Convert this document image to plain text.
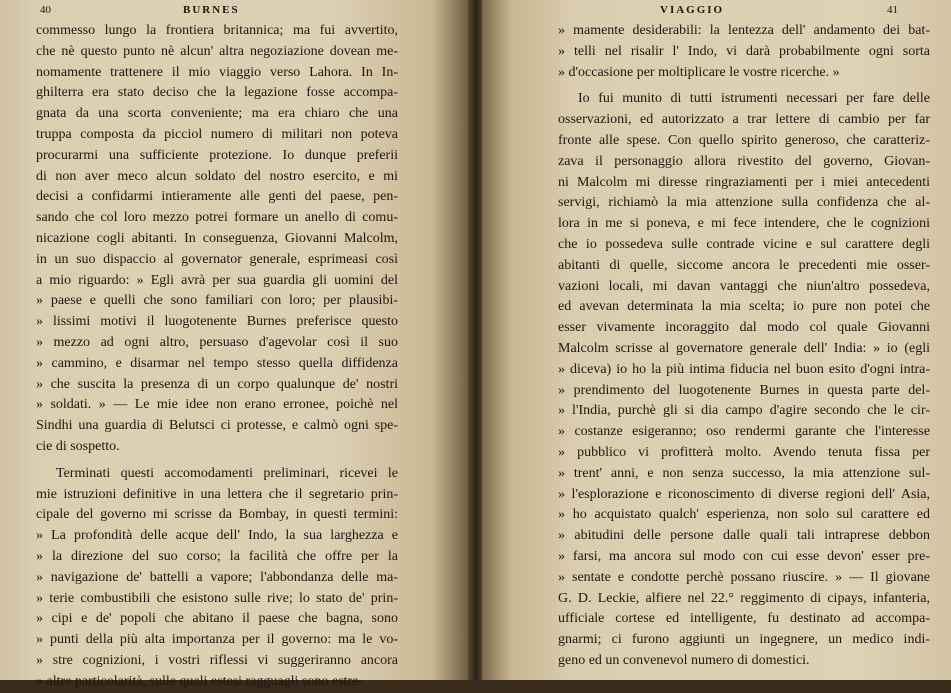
40	BURNES
commesso lungo la frontiera britannica; ma fui avvertito,
che nè questo punto nè alcun' altra negoziazione dovean me-
nomamente trattenere il mio viaggio verso Lahora. In In-
ghilterra era stato deciso che la legazione fosse accompa-
gnata da una scorta conveniente; ma era chiaro che una
truppa composta da picciol numero di militari non poteva
procurarmi una sufficiente protezione. Io dunque preferii
di non aver meco alcun soldato del nostro esercito, e mi
decisi a confidarmi intieramente alle genti del paese, pen-
sando che col loro mezzo potrei formare un anello di comu-
nicazione cogli abitanti. In conseguenza, Giovanni Malcolm,
in un suo dispaccio al governator generale, esprimeasi così
a mio riguardo: » Egli avrà per sua guardia gli uomini del
» paese e quelli che sono familiari con loro; per plausibi-
» lissimi motivi il luogotenente Burnes preferisce questo
» mezzo ad ogni altro, persuaso d'agevolar così il suo
» cammino, e disarmar nel tempo stesso quella diffidenza
» che suscita la presenza di un corpo qualunque de' nostri
» soldati. » — Le mie idee non erano erronee, poichè nel
Sindhi una guardia di Belutsci ci protesse, e calmò ogni spe-
cie di sospetto.
Terminati questi accomodamenti preliminari, ricevei le
mie istruzioni definitive in una lettera che il segretario prin-
cipale del governo mi scrisse da Bombay, in questi termini:
» La profondità delle acque dell' Indo, la sua larghezza e
» la direzione del suo corso; la facilità che offre per la
» navigazione de' battelli a vapore; l'abbondanza delle ma-
» terie combustibili che esistono sulle rive; lo stato de' prin-
» cipi e de' popoli che abitano il paese che bagna, sono
» punti della più alta importanza per il governo: ma le vo-
» stre cognizioni, i vostri riflessi vi suggeriranno ancora
» altre particolarità, sulle quali estesi ragguagli sono estre-
VIAGGIO	41
» mamente desiderabili: la lentezza dell' andamento dei bat-
» telli nel risalir l' Indo, vi darà probabilmente ogni sorta
» d'occasione per moltiplicare le vostre ricerche. »
Io fui munito di tutti istrumenti necessari per fare delle
osservazioni, ed autorizzato a trar lettere di cambio per far
fronte alle spese. Con quello spirito generoso, che caratteriz-
zava il personaggio allora rivestito del governo, Giovan-
ni Malcolm mi diresse ringraziamenti per i miei antecedenti
servigi, richiamò la mia attenzione sulla confidenza che al-
lora in me si poneva, e mi fece intendere, che le cognizioni
che io possedeva sulle contrade vicine e sul carattere degli
abitanti di quelle, siccome ancora le precedenti mie osser-
vazioni locali, mi davan vantaggi che niun'altro possedeva,
ed avevan determinata la mia scelta; io pure non potei che
esser vivamente incoraggito dal modo col quale Giovanni
Malcolm scrisse al governatore generale dell' India: » io (egli
» diceva) io ho la più intima fiducia nel buon esito d'ogni intra-
» prendimento del luogotenente Burnes in questa parte del-
» l'India, purchè gli si dia campo d'agire secondo che le cir-
» costanze esigeranno; oso rendermi garante che l'interesse
» pubblico vi profitterà molto. Avendo tenuta fissa per
» trent' anni, e non senza successo, la mia attenzione sul-
» l'esplorazione e riconoscimento di diverse regioni dell' Asia,
» ho acquistato qualch' esperienza, non solo sul carattere ed
» abitudini delle persone dalle quali tali intraprese debbon
» farsi, ma ancora sul modo con cui esse devon' esser pre-
» sentate e condotte perchè possano riuscire. » — Il giovane
G. D. Leckie, alfiere nel 22.° reggimento di cipays, infanteria,
ufficiale cortese ed intelligente, fu destinato ad accompa-
gnarmi; ci furono aggiunti un ingegnere, un medico indi-
geno ed un convenevol numero di domestici.
